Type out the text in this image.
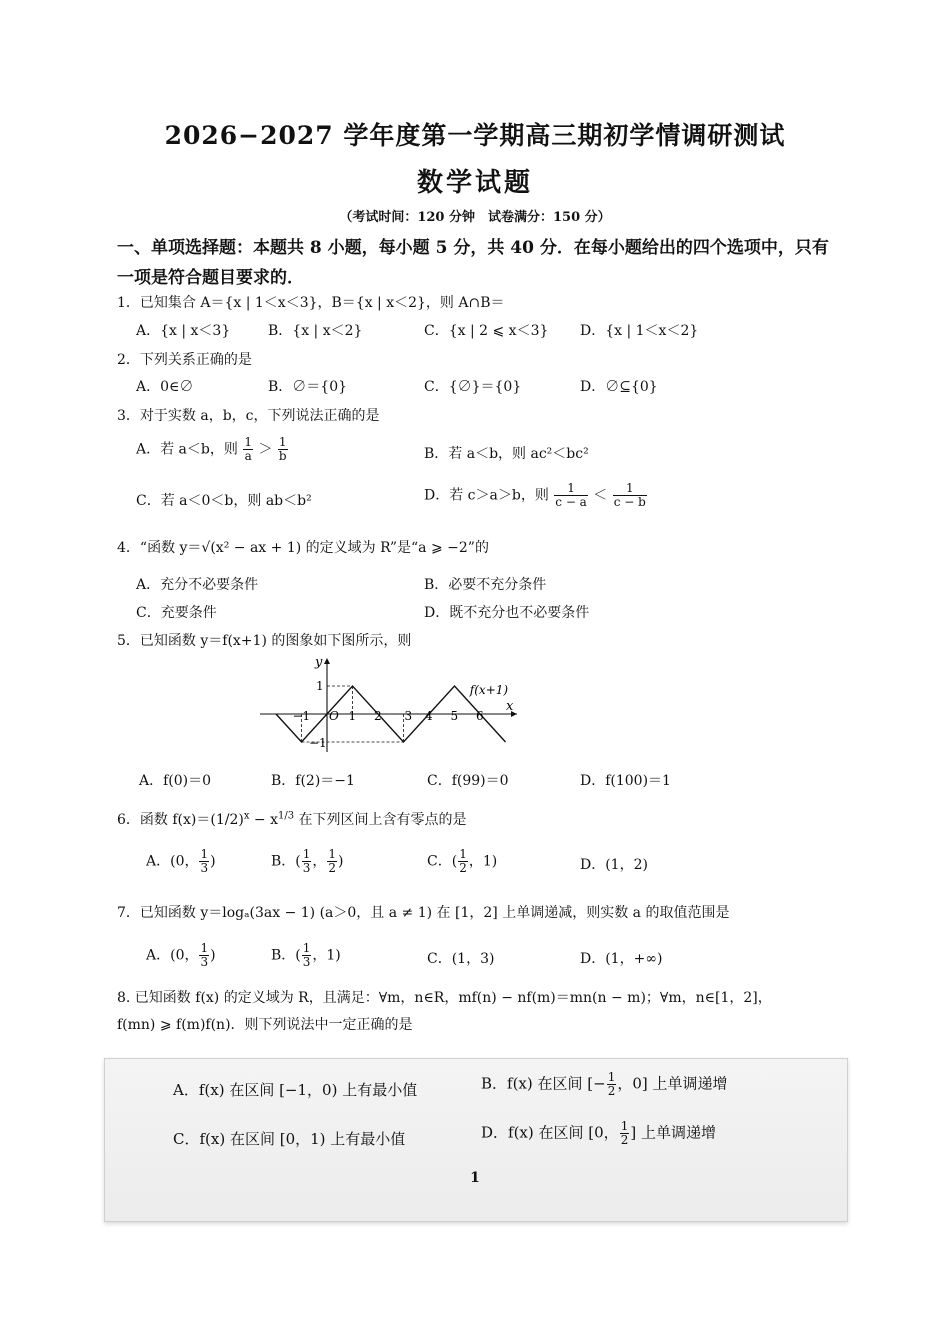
2026−2027 学年度第一学期高三期初学情调研测试
数学试题
（考试时间：120 分钟　试卷满分：150 分）
一、单项选择题：本题共 8 小题，每小题 5 分，共 40 分．在每小题给出的四个选项中，只有
一项是符合题目要求的．
1．已知集合 A＝{x | 1＜x＜3}，B＝{x | x＜2}，则 A∩B＝
A．{x | x＜3}	B．{x | x＜2}	C．{x | 2 ⩽ x＜3} D．{x | 1＜x＜2}
2．下列关系正确的是
A．0∈∅	B．∅＝{0}	C．{∅}＝{0}	D．∅⊆{0}
3．对于实数 a，b，c，下列说法正确的是
A．若 a＜b，则 $\frac{1}{a} > \frac{1}{b}$	B．若 a＜b，则 ac²＜bc²
C．若 a＜0＜b，则 ab＜b²	D．若 c＞a＞b，则 $\frac{1}{c - a} < \frac{1}{c - b}$
4．“函数 y＝√(x² − ax + 1) 的定义域为 R”是“a ⩾ −2”的
A．充分不必要条件	B．必要不充分条件
C．充要条件	D．既不充分也不必要条件
5．已知函数 y＝f(x+1) 的图象如下图所示，则
y
x
f(x+1)
O
1
−1
−1	1 2 3 4 5 6
A．f(0)＝0	B．f(2)＝−1	C．f(99)＝0	D．f(100)＝1
6．函数 $f(x)=(1/2)^x - x^{1/3}$ 在下列区间上含有零点的是
A．(0， $\frac{1}{3}$ )	B．( $\frac{1}{3}$ ， $\frac{1}{2}$ )	C．( $\frac{1}{2}$ ，1)	D．(1，2)
7．已知函数 y＝logₐ(3ax − 1) (a＞0，且 a ≠ 1) 在 [1，2] 上单调递减，则实数 a 的取值范围是
A．(0， $\frac{1}{3}$ )	B．( $\frac{1}{3}$ ，1)	C．(1，3)	D．(1，+∞)
8. 已知函数 f(x) 的定义域为 R，且满足：∀m，n∈R，mf(n) − nf(m)＝mn(n − m)；∀m，n∈[1，2]，
f(mn) ⩾ f(m)f(n)．则下列说法中一定正确的是
A．f(x) 在区间 [−1，0) 上有最小值	B．f(x) 在区间 [− $\frac{1}{2}$ ，0] 上单调递增
C．f(x) 在区间 [0，1) 上有最小值	D．f(x) 在区间 [0， $\frac{1}{2}$ ] 上单调递增
1
